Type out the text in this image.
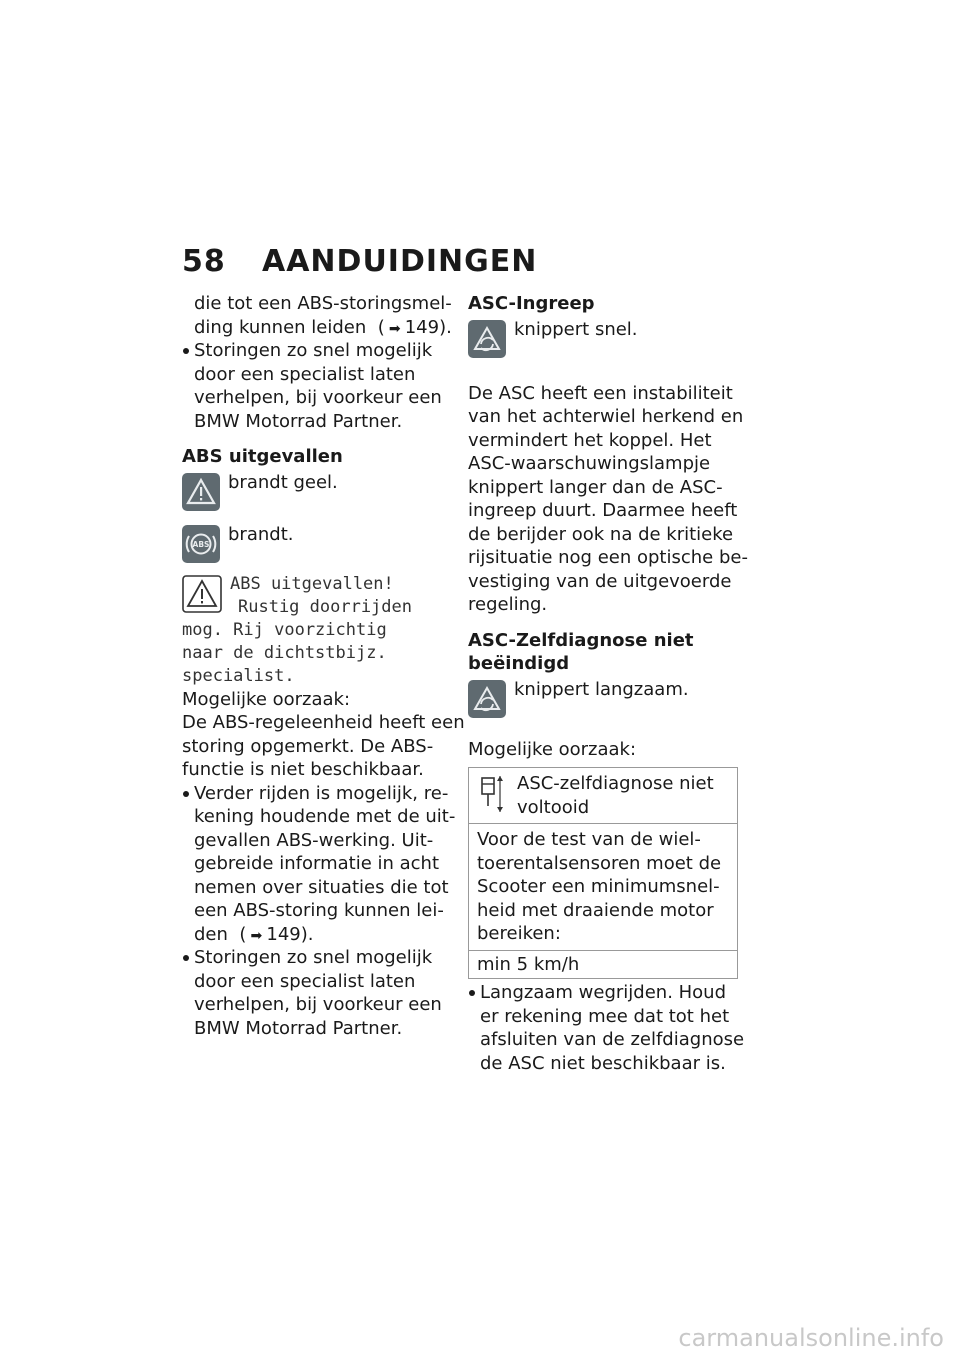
58 AANDUIDINGEN
die tot een ABS-storingsmel-
ding kunnen leiden  ( ➡ 149).
Storingen zo snel mogelijk
door een specialist laten
verhelpen, bij voorkeur een
BMW Motorrad Partner.
ABS uitgevallen
brandt geel.
ABS brandt.
ABS uitgevallen!
Rustig doorrijden
mog. Rij voorzichtig
naar de dichtstbijz.
specialist.
Mogelijke oorzaak:
De ABS-regeleenheid heeft een
storing opgemerkt. De ABS-
functie is niet beschikbaar.
Verder rijden is mogelijk, re-
kening houdende met de uit-
gevallen ABS-werking. Uit-
gebreide informatie in acht
nemen over situaties die tot
een ABS-storing kunnen lei-
den  ( ➡ 149).
Storingen zo snel mogelijk
door een specialist laten
verhelpen, bij voorkeur een
BMW Motorrad Partner.
ASC-Ingreep
knippert snel.
De ASC heeft een instabiliteit
van het achterwiel herkend en
vermindert het koppel. Het
ASC-waarschuwingslampje
knippert langer dan de ASC-
ingreep duurt. Daarmee heeft
de berijder ook na de kritieke
rijsituatie nog een optische be-
vestiging van de uitgevoerde
regeling.
ASC-Zelfdiagnose niet
beëindigd
knippert langzaam.
Mogelijke oorzaak:
ASC-zelfdiagnose niet
voltooid

Voor de test van de wiel-
toerentalsensoren moet de
Scooter een minimumsnel-
heid met draaiende motor
bereiken:

min 5 km/h
Langzaam wegrijden. Houd
er rekening mee dat tot het
afsluiten van de zelfdiagnose
de ASC niet beschikbaar is.
carmanualsonline.info
